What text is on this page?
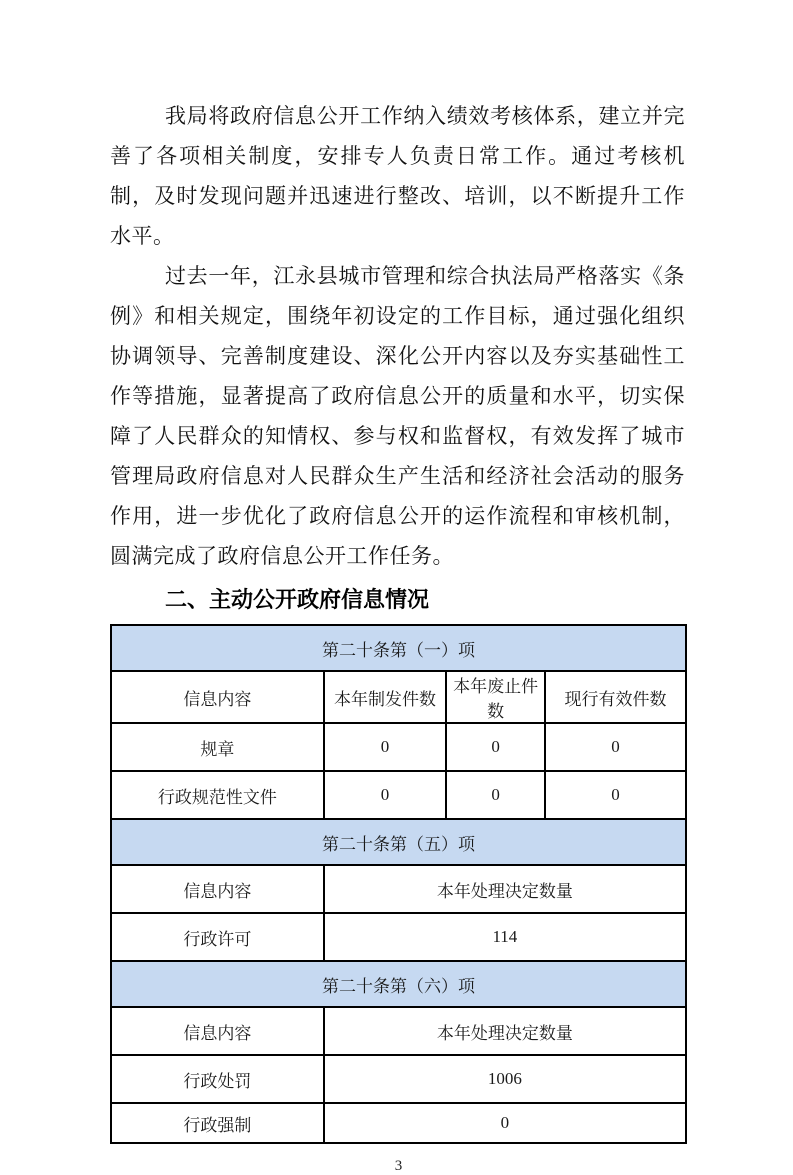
我局将政府信息公开工作纳入绩效考核体系，建立并完善了各项相关制度，安排专人负责日常工作。通过考核机制，及时发现问题并迅速进行整改、培训，以不断提升工作水平。

过去一年，江永县城市管理和综合执法局严格落实《条例》和相关规定，围绕年初设定的工作目标，通过强化组织协调领导、完善制度建设、深化公开内容以及夯实基础性工作等措施，显著提高了政府信息公开的质量和水平，切实保障了人民群众的知情权、参与权和监督权，有效发挥了城市管理局政府信息对人民群众生产生活和经济社会活动的服务作用，进一步优化了政府信息公开的运作流程和审核机制，圆满完成了政府信息公开工作任务。

二、主动公开政府信息情况
第二十条第（一）项			
信息内容	本年制发件数	本年废止件数	现行有效件数
规章	0	0	0
行政规范性文件	0	0	0
第二十条第（五）项			
信息内容	本年处理决定数量		
行政许可	114		
第二十条第（六）项			
信息内容	本年处理决定数量		
行政处罚	1006		
行政强制	0		
3
